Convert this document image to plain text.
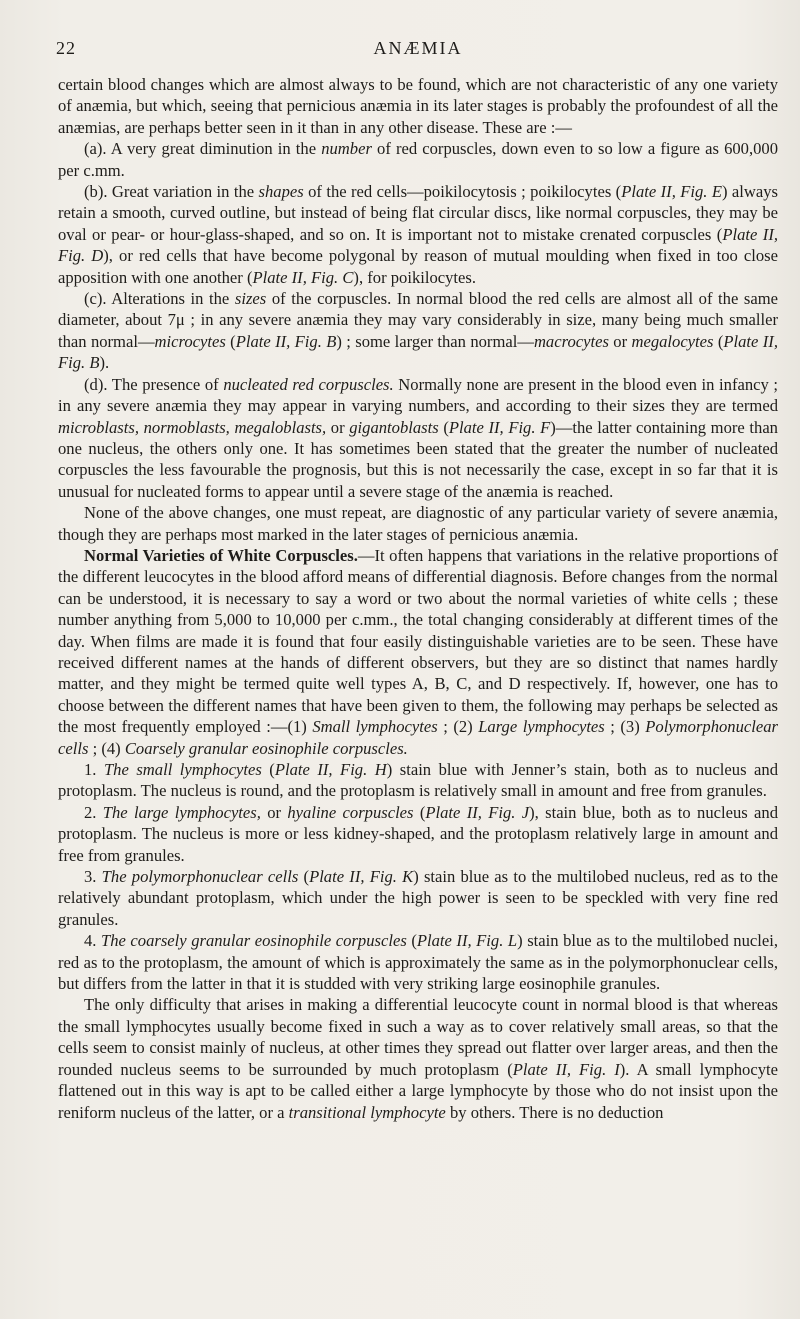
22	ANÆMIA

certain blood changes which are almost always to be found, which are not characteristic of any one variety of anæmia, but which, seeing that pernicious anæmia in its later stages is probably the profoundest of all the anæmias, are perhaps better seen in it than in any other disease. These are :—

(a). A very great diminution in the number of red corpuscles, down even to so low a figure as 600,000 per c.mm.

(b). Great variation in the shapes of the red cells—poikilocytosis ; poikilocytes (Plate II, Fig. E) always retain a smooth, curved outline, but instead of being flat circular discs, like normal corpuscles, they may be oval or pear- or hour-glass-shaped, and so on. It is important not to mistake crenated corpuscles (Plate II, Fig. D), or red cells that have become polygonal by reason of mutual moulding when fixed in too close apposition with one another (Plate II, Fig. C), for poikilocytes.

(c). Alterations in the sizes of the corpuscles. In normal blood the red cells are almost all of the same diameter, about 7μ ; in any severe anæmia they may vary considerably in size, many being much smaller than normal—microcytes (Plate II, Fig. B) ; some larger than normal—macrocytes or megalocytes (Plate II, Fig. B).

(d). The presence of nucleated red corpuscles. Normally none are present in the blood even in infancy ; in any severe anæmia they may appear in varying numbers, and according to their sizes they are termed microblasts, normoblasts, megaloblasts, or gigantoblasts (Plate II, Fig. F)—the latter containing more than one nucleus, the others only one. It has sometimes been stated that the greater the number of nucleated corpuscles the less favourable the prognosis, but this is not necessarily the case, except in so far that it is unusual for nucleated forms to appear until a severe stage of the anæmia is reached.

None of the above changes, one must repeat, are diagnostic of any particular variety of severe anæmia, though they are perhaps most marked in the later stages of pernicious anæmia.

Normal Varieties of White Corpuscles.—It often happens that variations in the relative proportions of the different leucocytes in the blood afford means of differential diagnosis. Before changes from the normal can be understood, it is necessary to say a word or two about the normal varieties of white cells ; these number anything from 5,000 to 10,000 per c.mm., the total changing considerably at different times of the day. When films are made it is found that four easily distinguishable varieties are to be seen. These have received different names at the hands of different observers, but they are so distinct that names hardly matter, and they might be termed quite well types A, B, C, and D respectively. If, however, one has to choose between the different names that have been given to them, the following may perhaps be selected as the most frequently employed :—(1) Small lymphocytes ; (2) Large lymphocytes ; (3) Polymorphonuclear cells ; (4) Coarsely granular eosinophile corpuscles.

1. The small lymphocytes (Plate II, Fig. H) stain blue with Jenner’s stain, both as to nucleus and protoplasm. The nucleus is round, and the protoplasm is relatively small in amount and free from granules.

2. The large lymphocytes, or hyaline corpuscles (Plate II, Fig. J), stain blue, both as to nucleus and protoplasm. The nucleus is more or less kidney-shaped, and the protoplasm relatively large in amount and free from granules.

3. The polymorphonuclear cells (Plate II, Fig. K) stain blue as to the multilobed nucleus, red as to the relatively abundant protoplasm, which under the high power is seen to be speckled with very fine red granules.

4. The coarsely granular eosinophile corpuscles (Plate II, Fig. L) stain blue as to the multilobed nuclei, red as to the protoplasm, the amount of which is approximately the same as in the polymorphonuclear cells, but differs from the latter in that it is studded with very striking large eosinophile granules.

The only difficulty that arises in making a differential leucocyte count in normal blood is that whereas the small lymphocytes usually become fixed in such a way as to cover relatively small areas, so that the cells seem to consist mainly of nucleus, at other times they spread out flatter over larger areas, and then the rounded nucleus seems to be surrounded by much protoplasm (Plate II, Fig. I). A small lymphocyte flattened out in this way is apt to be called either a large lymphocyte by those who do not insist upon the reniform nucleus of the latter, or a transitional lymphocyte by others. There is no deduction
